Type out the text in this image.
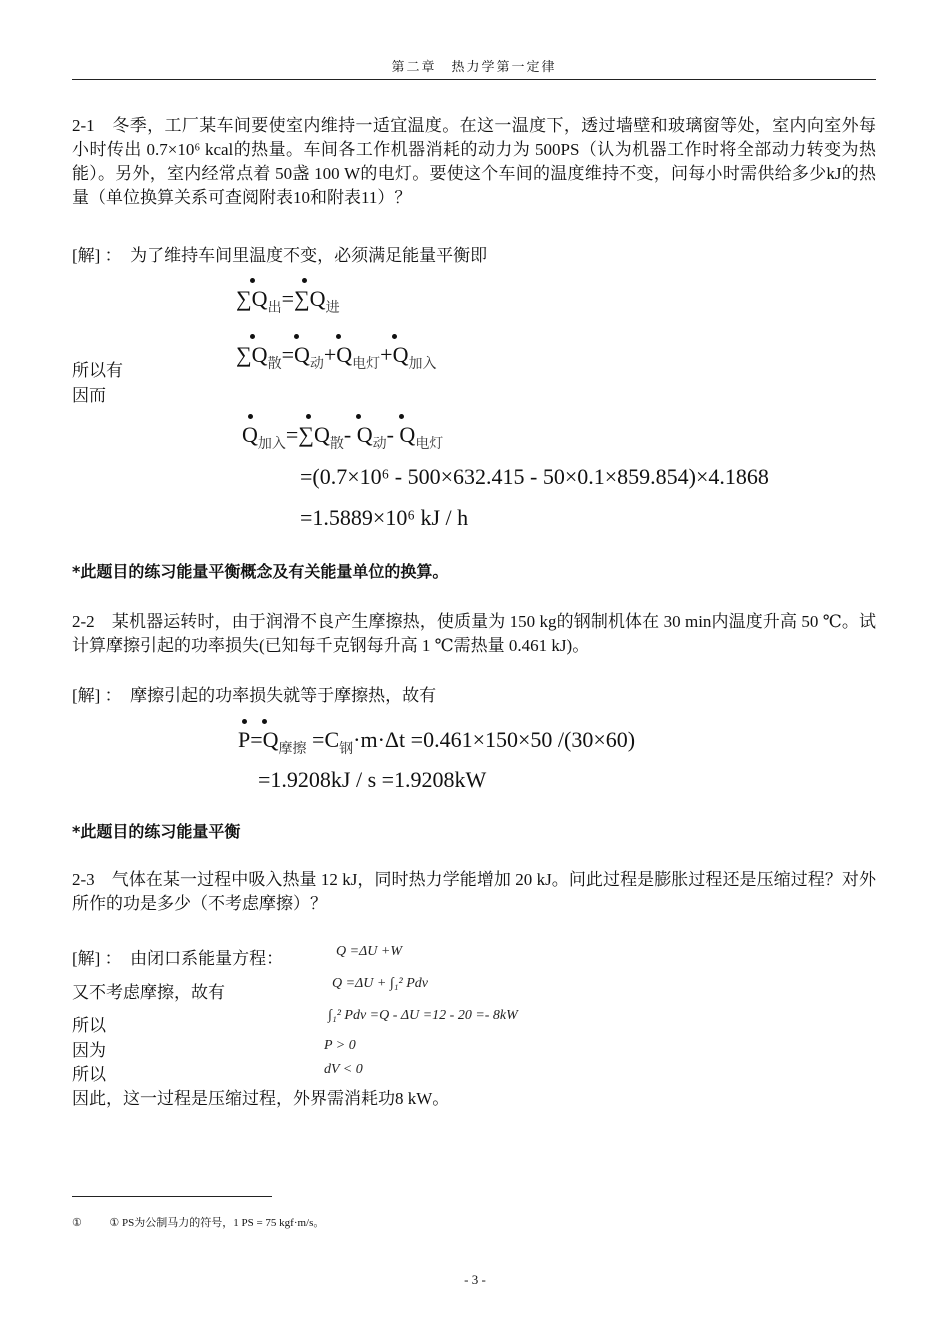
第二章　热力学第一定律
2-1　冬季，工厂某车间要使室内维持一适宜温度。在这一温度下，透过墙壁和玻璃窗等处，室内向室外每小时传出 0.7×10⁶ kcal的热量。车间各工作机器消耗的动力为 500PS（认为机器工作时将全部动力转变为热能）。另外，室内经常点着 50盏 100 W的电灯。要使这个车间的温度维持不变，问每小时需供给多少kJ的热量（单位换算关系可查阅附表10和附表11）？
[解] ：　为了维持车间里温度不变，必须满足能量平衡即
$\sum Q_出=\sum Q_进$
$\sum Q_散=Q_动+Q_{电灯}+Q_{加入}$
所以有
因而
$Q_{加入}=\sum Q_散-$ $Q_动-$ $Q_{电灯}$
=(0.7×10⁶ - 500×632.415 - 50×0.1×859.854)×4.1868
=1.5889×10⁶ kJ / h
*此题目的练习能量平衡概念及有关能量单位的换算。
2-2　某机器运转时，由于润滑不良产生摩擦热，使质量为 150 kg的钢制机体在 30 min内温度升高 50 ℃。试计算摩擦引起的功率损失(已知每千克钢每升高 1 ℃需热量 0.461 kJ)。
[解] ：　摩擦引起的功率损失就等于摩擦热，故有
$P=Q_{摩擦} =C_钢\cdot m\cdot\Delta t =0.461\times 150\times 50$ /(30×60)
=1.9208kJ / s =1.9208kW
*此题目的练习能量平衡
2-3　气体在某一过程中吸入热量 12 kJ，同时热力学能增加 20 kJ。问此过程是膨胀过程还是压缩过程？对外所作的功是多少（不考虑摩擦）？
[解] ：　由闭口系能量方程：	Q =ΔU +W
又不考虑摩擦，故有	Q =ΔU + ∫₁² Pdv
所以
∫₁² Pdv =Q - ΔU =12 - 20 =- 8kW
因为	P > 0
所以	dV < 0
因此，这一过程是压缩过程，外界需消耗功8 kW。
①	① PS为公制马力的符号，1 PS = 75 kgf·m/s。
- 3 -
